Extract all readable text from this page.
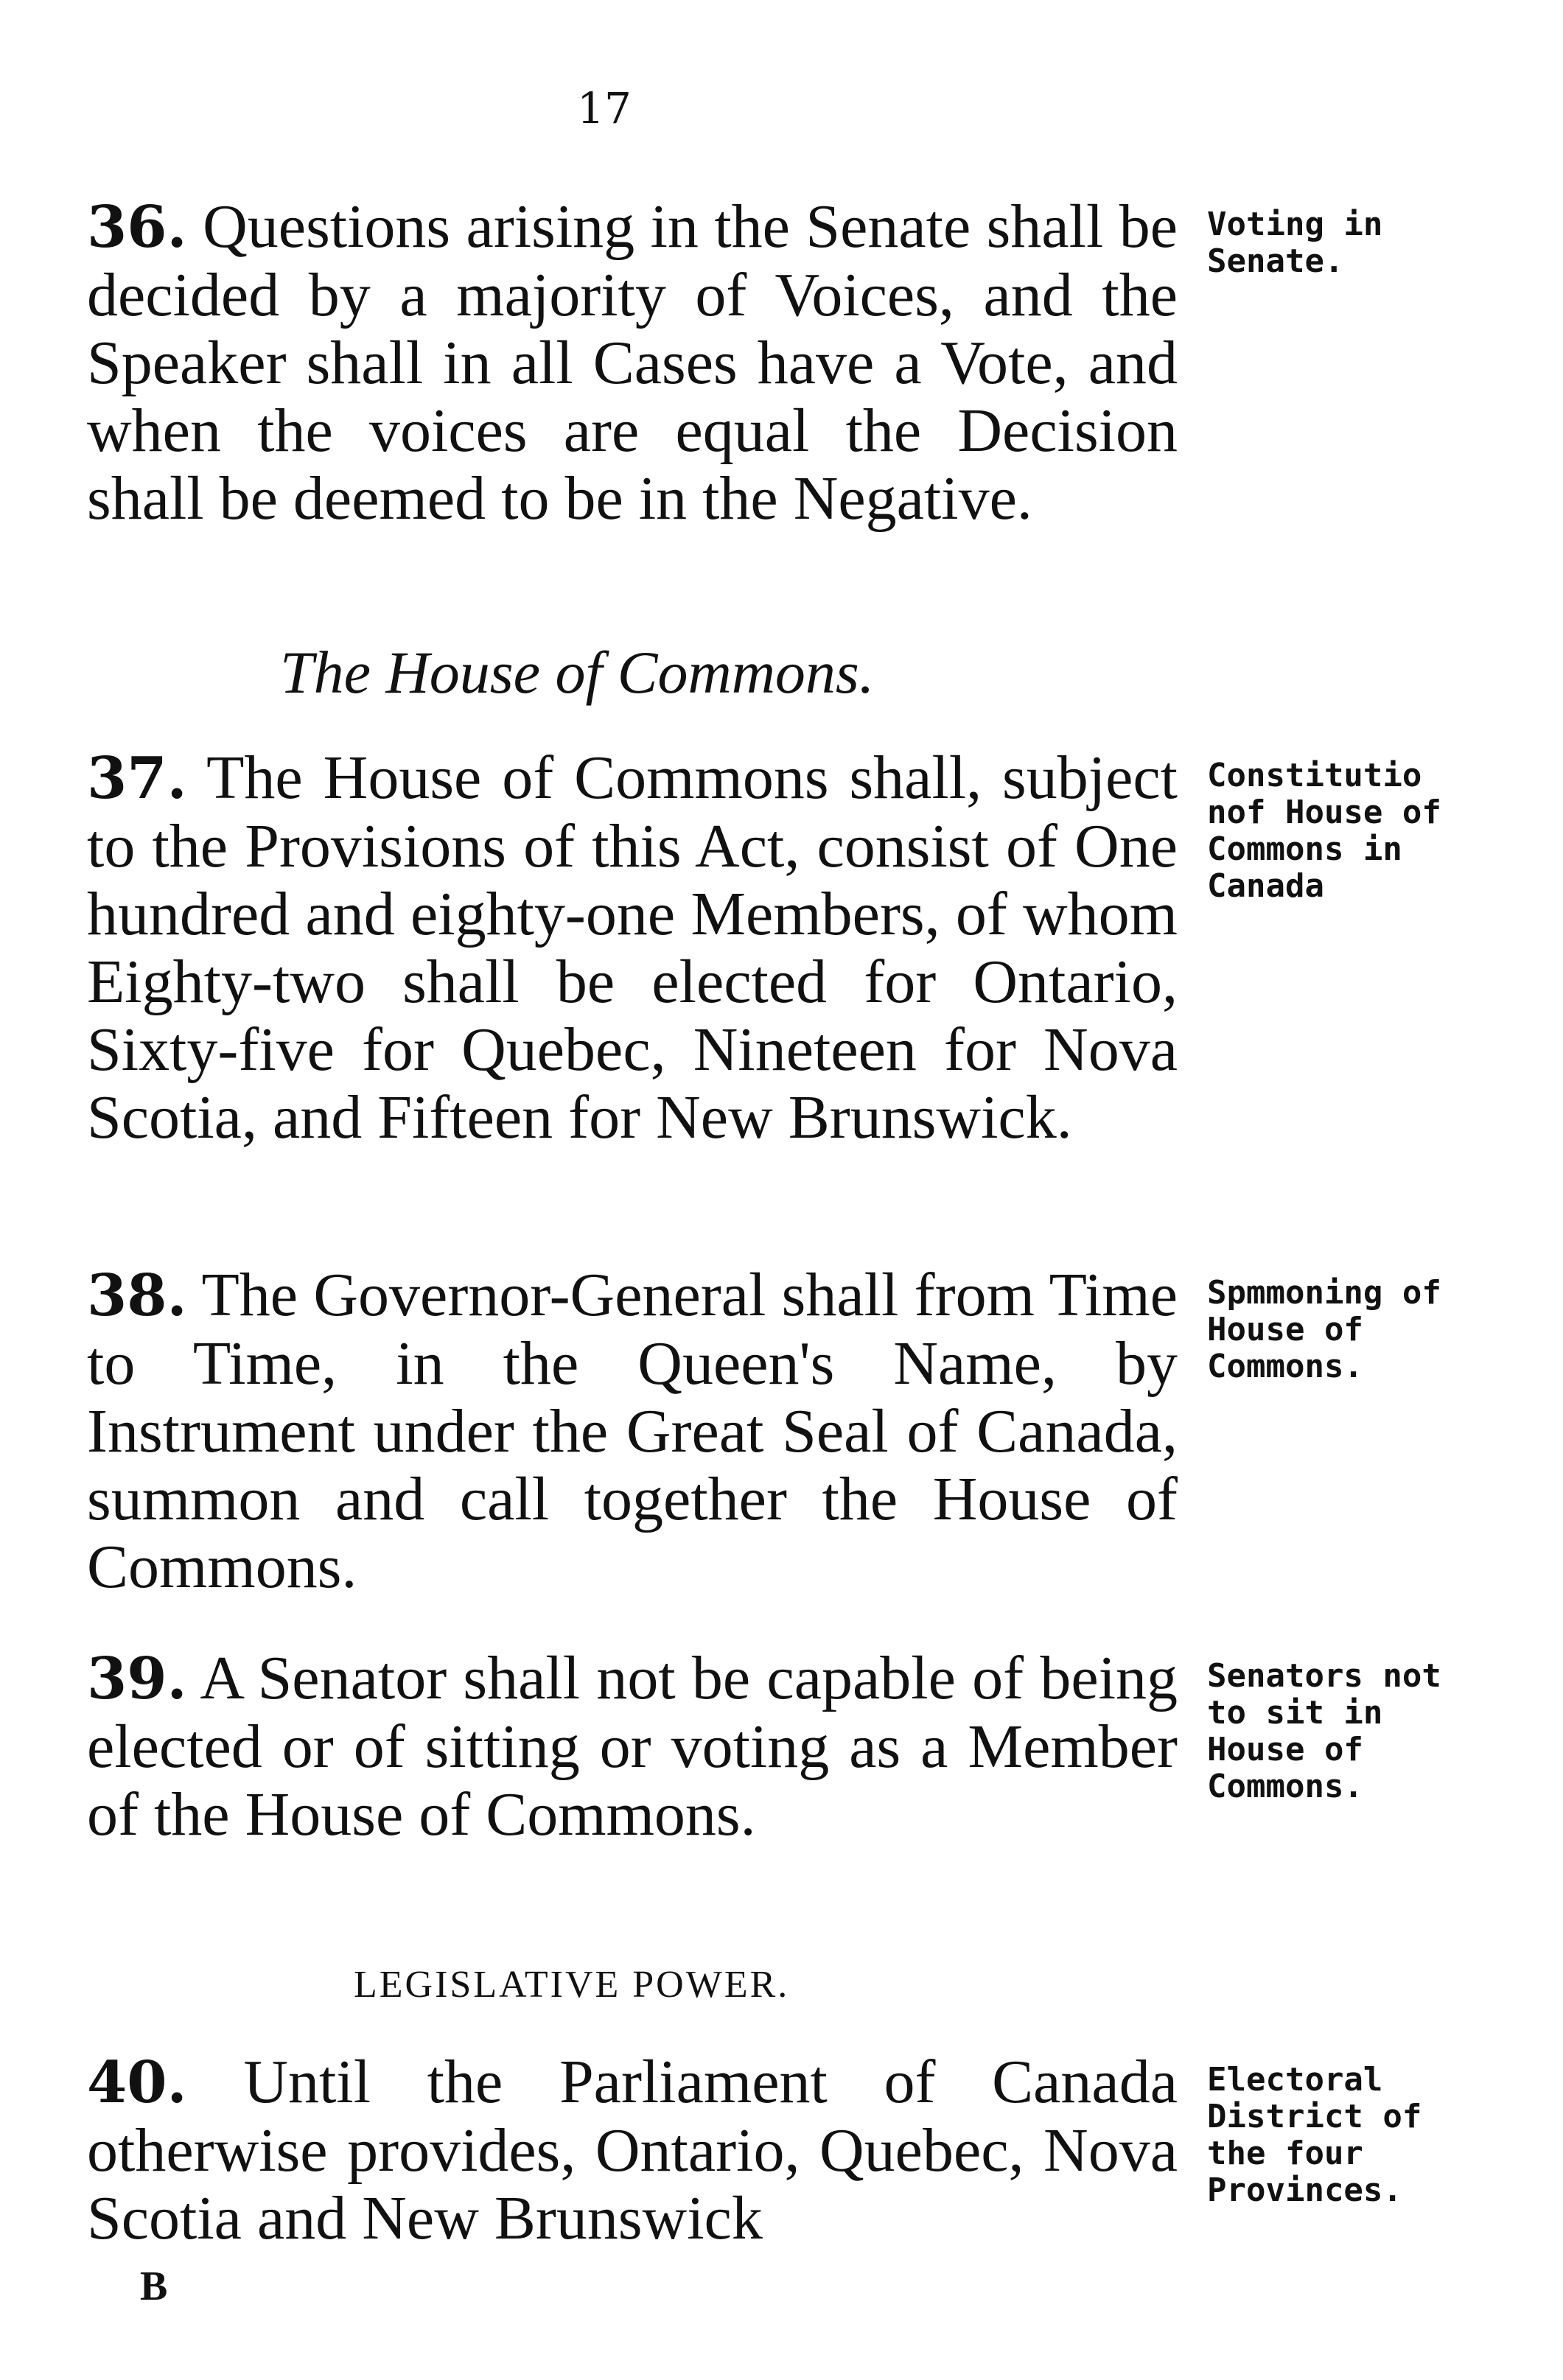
17

36. Questions arising in the Senate shall be decided by a majority of Voices, and the Speaker shall in all Cases have a Vote, and when the voices are equal the Decision shall be deemed to be in the Negative.

Voting in Senate.

The House of Commons.

37. The House of Commons shall, subject to the Provisions of this Act, consist of One hundred and eighty-one Members, of whom Eighty-two shall be elected for Ontario, Sixty-five for Quebec, Nineteen for Nova Scotia, and Fifteen for New Brunswick.

Constitutio nof House of Commons in Canada

38. The Governor-General shall from Time to Time, in the Queen's Name, by Instrument under the Great Seal of Canada, summon and call together the House of Commons.

Spmmoning of House of Commons.

39. A Senator shall not be capable of being elected or of sitting or voting as a Member of the House of Commons.

Senators not to sit in House of Commons.

LEGISLATIVE POWER.

40. Until the Parliament of Canada otherwise provides, Ontario, Quebec, Nova Scotia and New Brunswick

Electoral District of the four Provinces.

B
